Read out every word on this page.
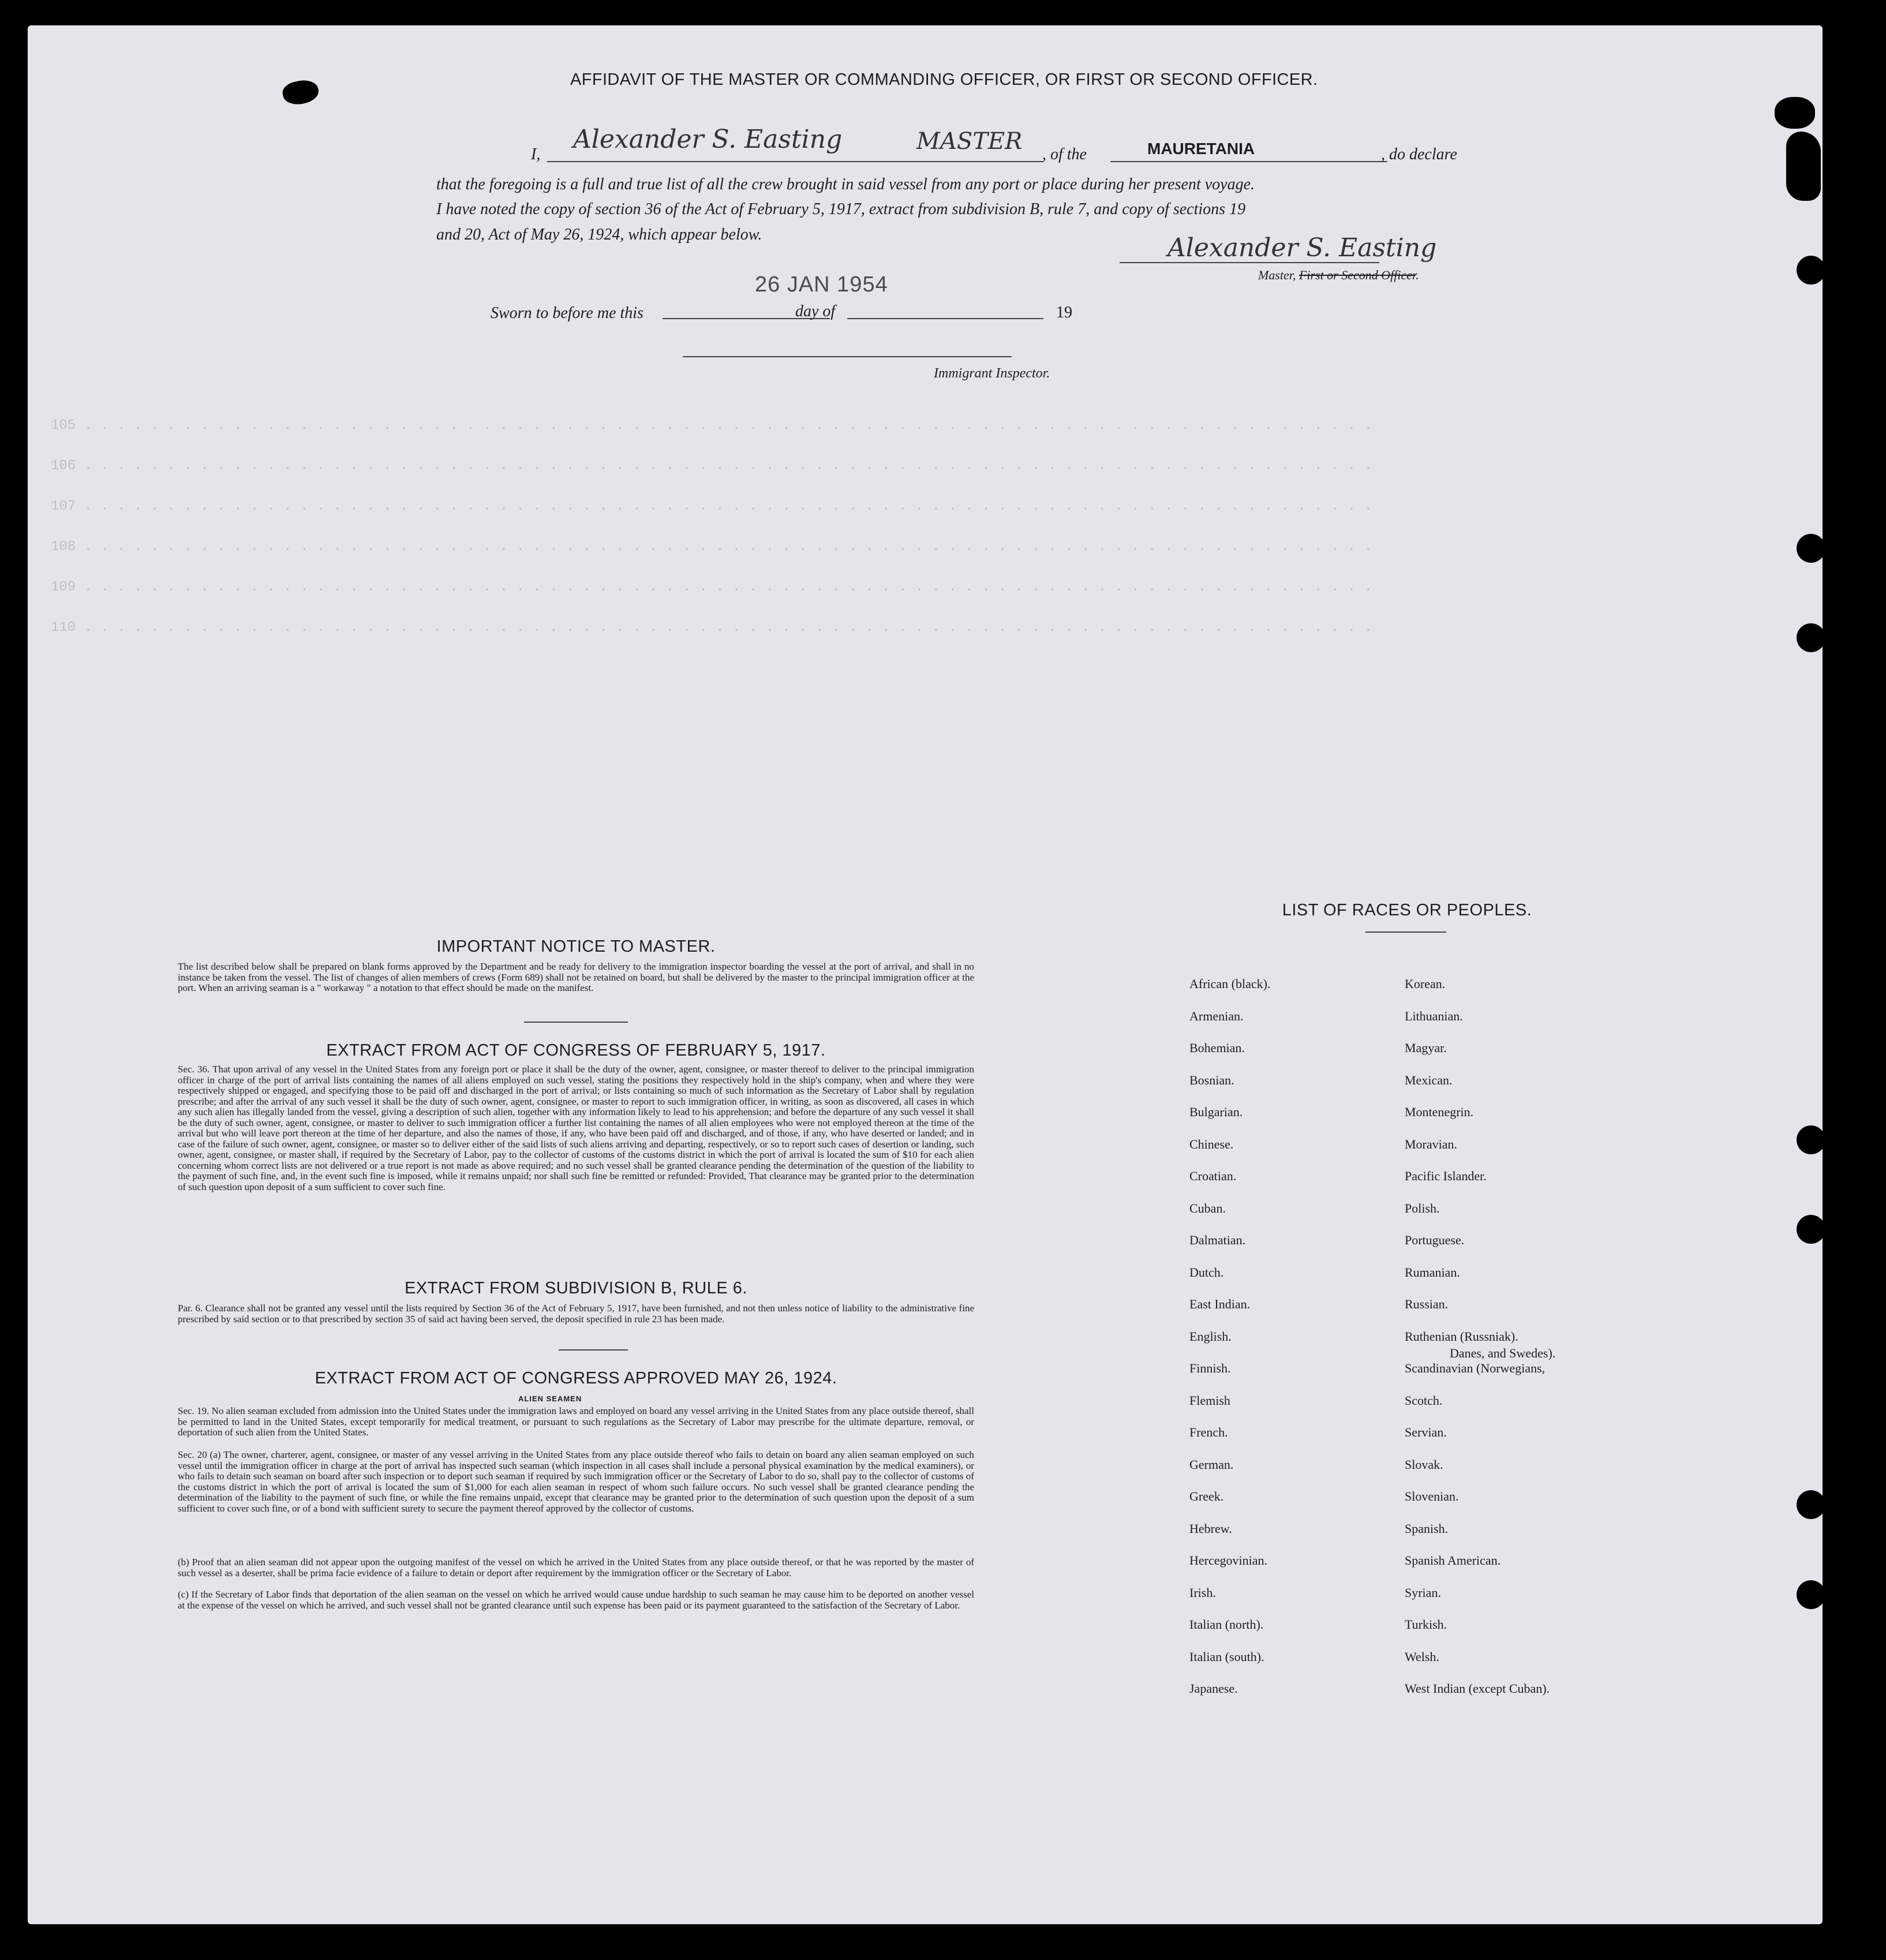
105 . . . . . . . . . . . . . . . . . . . . . . . . . . . . . . . . . . . . . . . . . . . . . . . . . . . . . . . . . . . . . . . . . . . . . . . . . . . . . .
106 . . . . . . . . . . . . . . . . . . . . . . . . . . . . . . . . . . . . . . . . . . . . . . . . . . . . . . . . . . . . . . . . . . . . . . . . . . . . . .
107 . . . . . . . . . . . . . . . . . . . . . . . . . . . . . . . . . . . . . . . . . . . . . . . . . . . . . . . . . . . . . . . . . . . . . . . . . . . . . .
108 . . . . . . . . . . . . . . . . . . . . . . . . . . . . . . . . . . . . . . . . . . . . . . . . . . . . . . . . . . . . . . . . . . . . . . . . . . . . . .
109 . . . . . . . . . . . . . . . . . . . . . . . . . . . . . . . . . . . . . . . . . . . . . . . . . . . . . . . . . . . . . . . . . . . . . . . . . . . . . .
110 . . . . . . . . . . . . . . . . . . . . . . . . . . . . . . . . . . . . . . . . . . . . . . . . . . . . . . . . . . . . . . . . . . . . . . . . . . . . . .
AFFIDAVIT OF THE MASTER OR COMMANDING OFFICER, OR FIRST OR SECOND OFFICER.
I,
Alexander S. Easting	MASTER , of the	MAURETANIA	, do declare
that the foregoing is a full and true list of all the crew brought in said vessel from any port or place during her present voyage.
I have noted the copy of section 36 of the Act of February 5, 1917, extract from subdivision B, rule 7, and copy of sections 19
and 20, Act of May 26, 1924, which appear below.	Alexander S. Easting
Master, First or Second Officer.
26 JAN 1954
Sworn to before me this	day of	19
Immigrant Inspector.
IMPORTANT NOTICE TO MASTER.
The list described below shall be prepared on blank forms approved by the Department and be ready for delivery to the immigration inspector boarding the vessel at the port of arrival, and shall in no instance be taken from the vessel. The list of changes of alien members of crews (Form 689) shall not be retained on board, but shall be delivered by the master to the principal immigration officer at the port. When an arriving seaman is a " workaway " a notation to that effect should be made on the manifest.
EXTRACT FROM ACT OF CONGRESS OF FEBRUARY 5, 1917.
Sec. 36. That upon arrival of any vessel in the United States from any foreign port or place it shall be the duty of the owner, agent, consignee, or master thereof to deliver to the principal immigration officer in charge of the port of arrival lists containing the names of all aliens employed on such vessel, stating the positions they respectively hold in the ship's company, when and where they were respectively shipped or engaged, and specifying those to be paid off and discharged in the port of arrival; or lists containing so much of such information as the Secretary of Labor shall by regulation prescribe; and after the arrival of any such vessel it shall be the duty of such owner, agent, consignee, or master to report to such immigration officer, in writing, as soon as discovered, all cases in which any such alien has illegally landed from the vessel, giving a description of such alien, together with any information likely to lead to his apprehension; and before the departure of any such vessel it shall be the duty of such owner, agent, consignee, or master to deliver to such immigration officer a further list containing the names of all alien employees who were not employed thereon at the time of the arrival but who will leave port thereon at the time of her departure, and also the names of those, if any, who have been paid off and discharged, and of those, if any, who have deserted or landed; and in case of the failure of such owner, agent, consignee, or master so to deliver either of the said lists of such aliens arriving and departing, respectively, or so to report such cases of desertion or landing, such owner, agent, consignee, or master shall, if required by the Secretary of Labor, pay to the collector of customs of the customs district in which the port of arrival is located the sum of $10 for each alien concerning whom correct lists are not delivered or a true report is not made as above required; and no such vessel shall be granted clearance pending the determination of the question of the liability to the payment of such fine, and, in the event such fine is imposed, while it remains unpaid; nor shall such fine be remitted or refunded: Provided, That clearance may be granted prior to the determination of such question upon deposit of a sum sufficient to cover such fine.
EXTRACT FROM SUBDIVISION B, RULE 6.
Par. 6. Clearance shall not be granted any vessel until the lists required by Section 36 of the Act of February 5, 1917, have been furnished, and not then unless notice of liability to the administrative fine prescribed by said section or to that prescribed by section 35 of said act having been served, the deposit specified in rule 23 has been made.
EXTRACT FROM ACT OF CONGRESS APPROVED MAY 26, 1924.
ALIEN SEAMEN
Sec. 19. No alien seaman excluded from admission into the United States under the immigration laws and employed on board any vessel arriving in the United States from any place outside thereof, shall be permitted to land in the United States, except temporarily for medical treatment, or pursuant to such regulations as the Secretary of Labor may prescribe for the ultimate departure, removal, or deportation of such alien from the United States.
Sec. 20 (a) The owner, charterer, agent, consignee, or master of any vessel arriving in the United States from any place outside thereof who fails to detain on board any alien seaman employed on such vessel until the immigration officer in charge at the port of arrival has inspected such seaman (which inspection in all cases shall include a personal physical examination by the medical examiners), or who fails to detain such seaman on board after such inspection or to deport such seaman if required by such immigration officer or the Secretary of Labor to do so, shall pay to the collector of customs of the customs district in which the port of arrival is located the sum of $1,000 for each alien seaman in respect of whom such failure occurs. No such vessel shall be granted clearance pending the determination of the liability to the payment of such fine, or while the fine remains unpaid, except that clearance may be granted prior to the determination of such question upon the deposit of a sum sufficient to cover such fine, or of a bond with sufficient surety to secure the payment thereof approved by the collector of customs.
(b) Proof that an alien seaman did not appear upon the outgoing manifest of the vessel on which he arrived in the United States from any place outside thereof, or that he was reported by the master of such vessel as a deserter, shall be prima facie evidence of a failure to detain or deport after requirement by the immigration officer or the Secretary of Labor.
(c) If the Secretary of Labor finds that deportation of the alien seaman on the vessel on which he arrived would cause undue hardship to such seaman he may cause him to be deported on another vessel at the expense of the vessel on which he arrived, and such vessel shall not be granted clearance until such expense has been paid or its payment guaranteed to the satisfaction of the Secretary of Labor.
LIST OF RACES OR PEOPLES.
African (black).
Armenian.
Bohemian.
Bosnian.
Bulgarian.
Chinese.
Croatian.
Cuban.
Dalmatian.
Dutch.
East Indian.
English.
Finnish.
Flemish
French.
German.
Greek.
Hebrew.
Hercegovinian.
Irish.
Italian (north).
Italian (south).
Japanese.
Korean.
Lithuanian.
Magyar.
Mexican.
Montenegrin.
Moravian.
Pacific Islander.
Polish.
Portuguese.
Rumanian.
Russian.
Ruthenian (Russniak).
Scandinavian (Norwegians,
Scotch.
Servian.
Slovak.
Slovenian.
Spanish.
Spanish American.
Syrian.
Turkish.
Welsh.
West Indian (except Cuban).
Danes, and Swedes).
